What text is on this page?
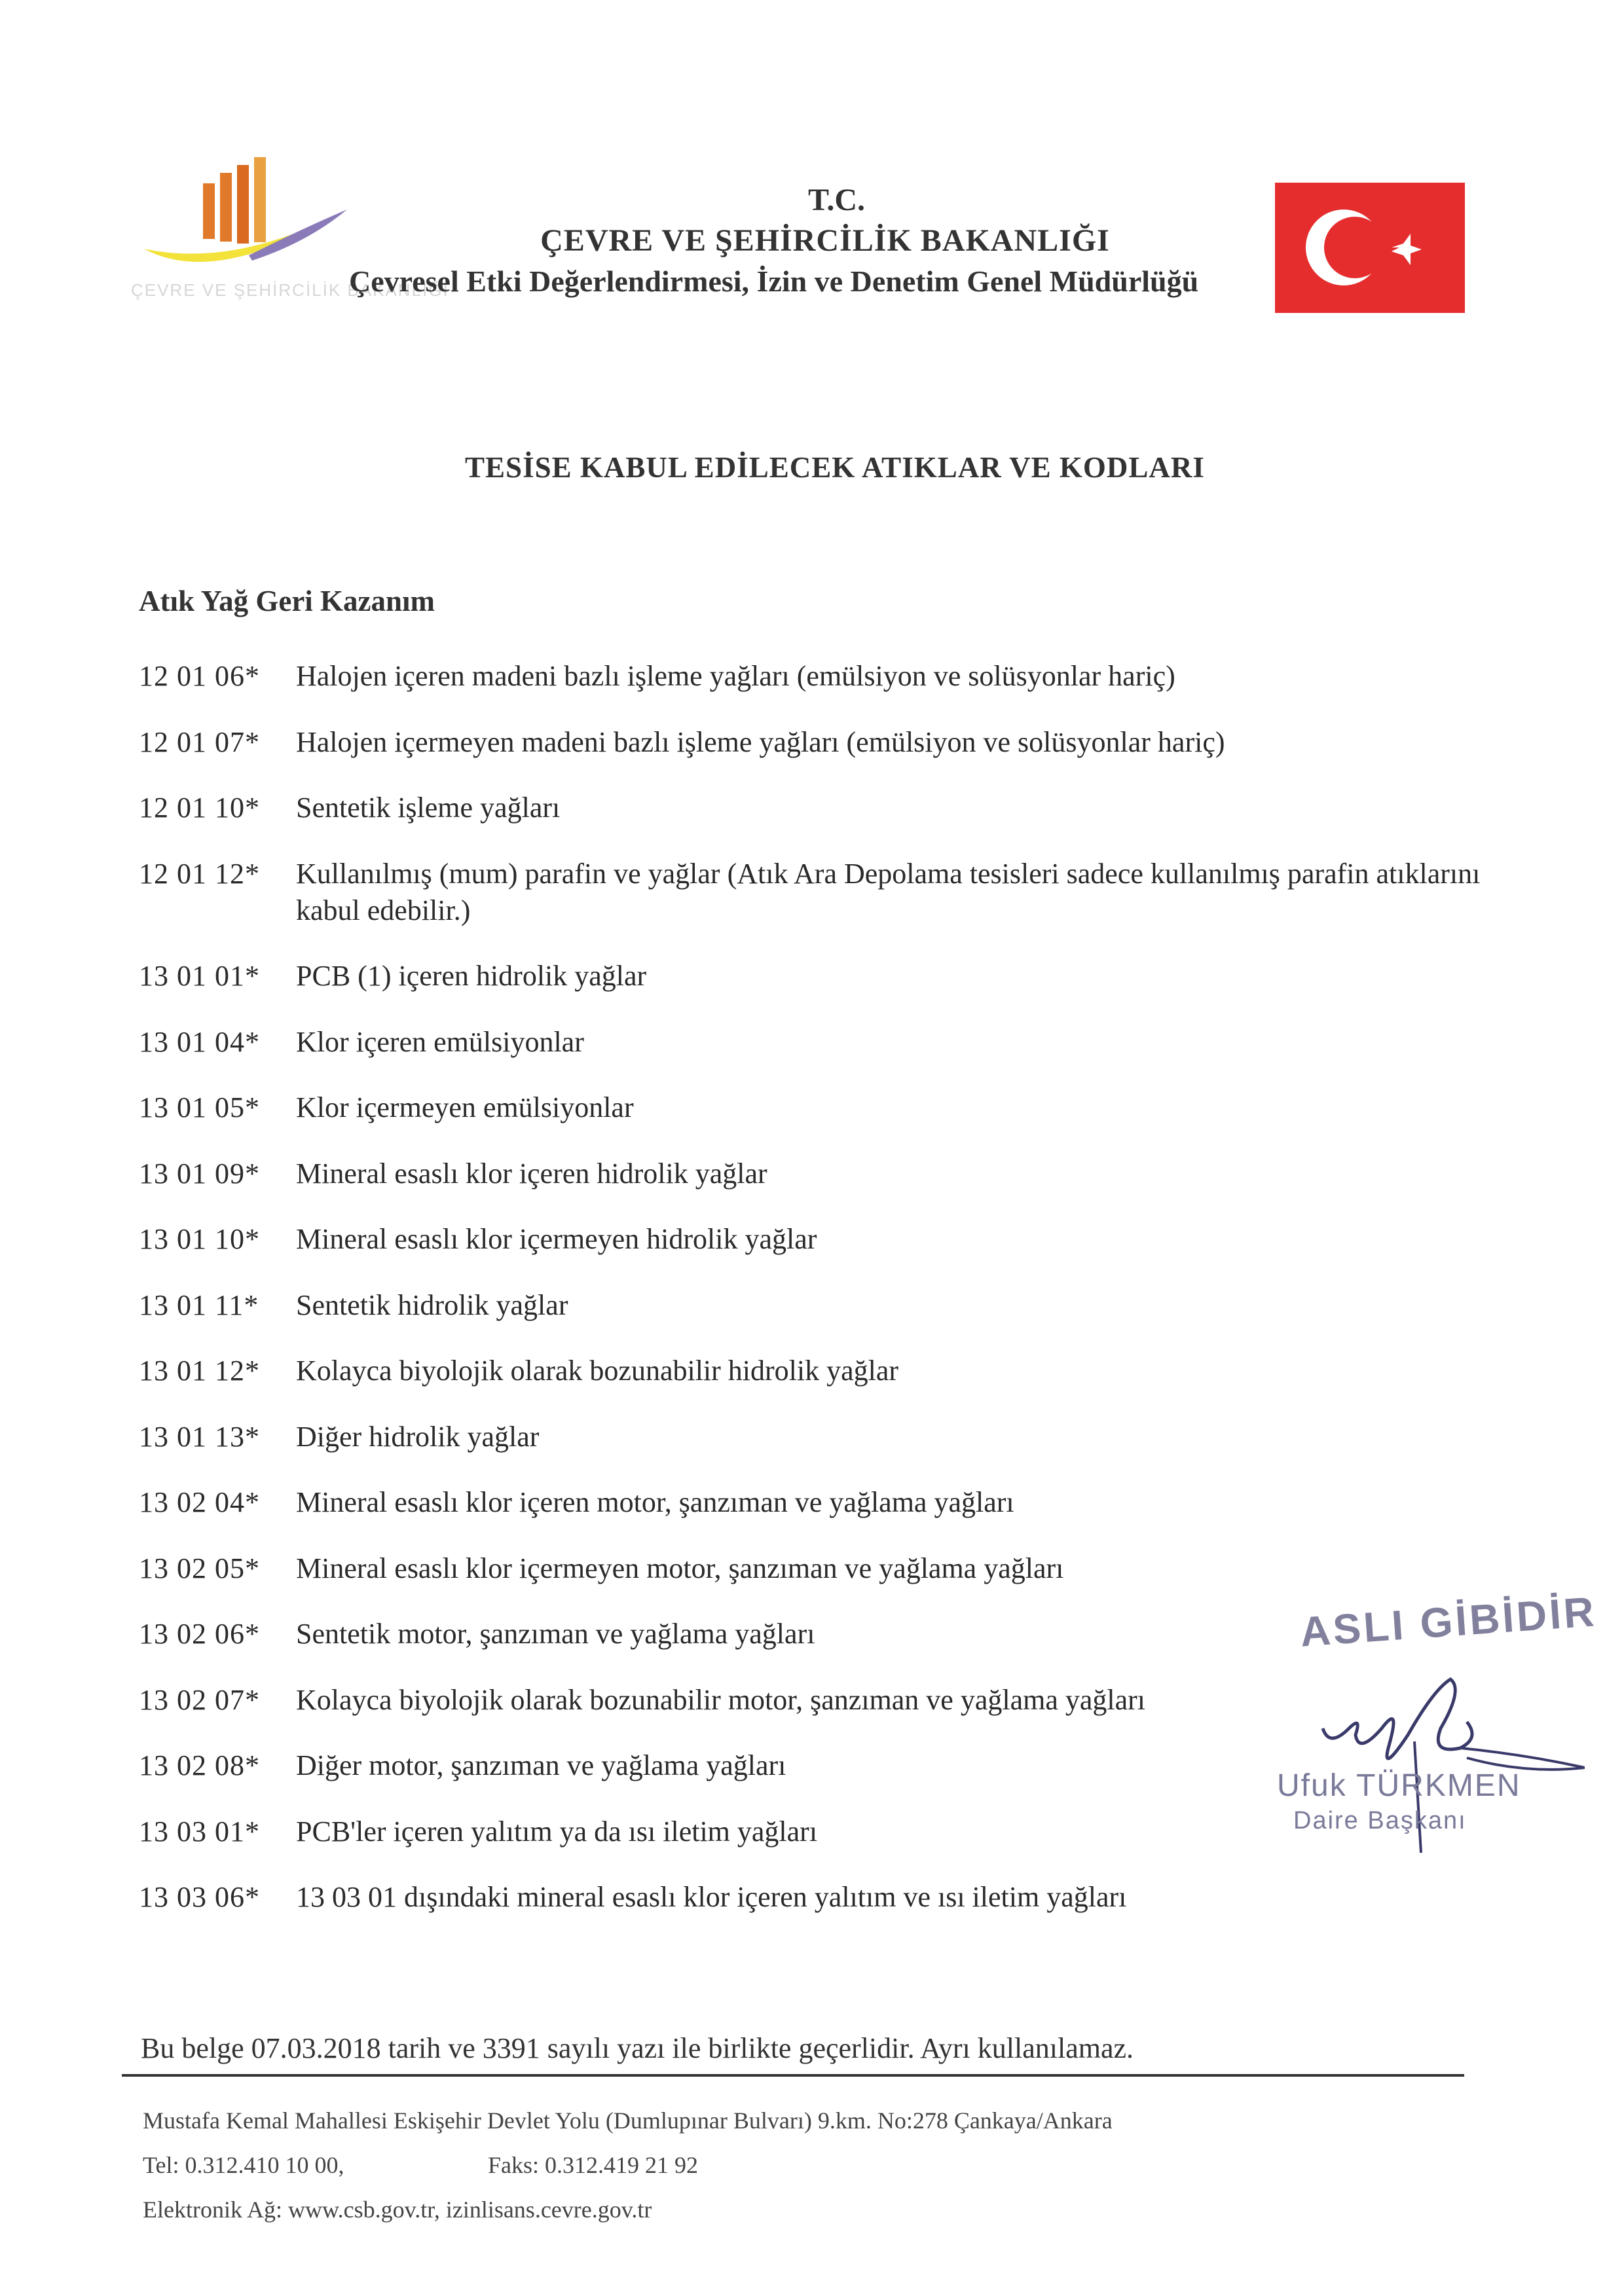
ÇEVRE VE ŞEHİRCİLİK BAKANLIĞI
T.C.
ÇEVRE VE ŞEHİRCİLİK BAKANLIĞI
Çevresel Etki Değerlendirmesi, İzin ve Denetim Genel Müdürlüğü
TESİSE KABUL EDİLECEK ATIKLAR VE KODLARI
Atık Yağ Geri Kazanım
12 01 06*	Halojen içeren madeni bazlı işleme yağları (emülsiyon ve solüsyonlar hariç)
12 01 07*	Halojen içermeyen madeni bazlı işleme yağları (emülsiyon ve solüsyonlar hariç)
12 01 10*	Sentetik işleme yağları
12 01 12*	Kullanılmış (mum) parafin ve yağlar (Atık Ara Depolama tesisleri sadece kullanılmış parafin atıklarını kabul edebilir.)
13 01 01*	PCB (1) içeren hidrolik yağlar
13 01 04*	Klor içeren emülsiyonlar
13 01 05*	Klor içermeyen emülsiyonlar
13 01 09*	Mineral esaslı klor içeren hidrolik yağlar
13 01 10*	Mineral esaslı klor içermeyen hidrolik yağlar
13 01 11*	Sentetik hidrolik yağlar
13 01 12*	Kolayca biyolojik olarak bozunabilir hidrolik yağlar
13 01 13*	Diğer hidrolik yağlar
13 02 04*	Mineral esaslı klor içeren motor, şanzıman ve yağlama yağları
13 02 05*	Mineral esaslı klor içermeyen motor, şanzıman ve yağlama yağları
13 02 06*	Sentetik motor, şanzıman ve yağlama yağları
13 02 07*	Kolayca biyolojik olarak bozunabilir motor, şanzıman ve yağlama yağları
13 02 08*	Diğer motor, şanzıman ve yağlama yağları
13 03 01*	PCB'ler içeren yalıtım ya da ısı iletim yağları
13 03 06*	13 03 01 dışındaki mineral esaslı klor içeren yalıtım ve ısı iletim yağları
ASLI GİBİDİR
Ufuk TÜRKMEN
Daire Başkanı
Bu belge 07.03.2018 tarih ve 3391 sayılı yazı ile birlikte geçerlidir. Ayrı kullanılamaz.
Mustafa Kemal Mahallesi Eskişehir Devlet Yolu (Dumlupınar Bulvarı) 9.km. No:278 Çankaya/Ankara
Tel: 0.312.410 10 00,	Faks: 0.312.419 21 92
Elektronik Ağ: www.csb.gov.tr, izinlisans.cevre.gov.tr
